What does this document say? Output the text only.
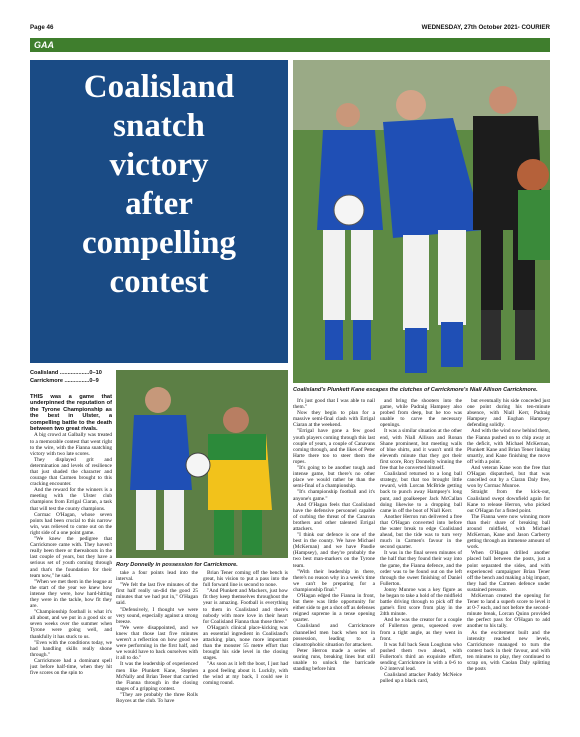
Page 46	WEDNESDAY, 27th October 2021- COURIER
GAA
Coalisland
snatch
victory
after
compelling
contest
Coalisland's Plunkett Kane escapes the clutches of Carrickmore's Niall Allison Carrickmore.
Rory Donnelly in possession for Carrickmore.
Coalisland ...................0–10
Carrickmore ................0–9

THIS was a game that underpinned the reputation of the Tyrone Championship as the best in Ulster, a compelling battle to the death between two great rivals.

A big crowd at Galbally was treated to a memorable contest that went right to the wire, with the Fianna snatching victory with two late scores.

They displayed grit and determination and levels of resilience that just shaded the character and courage that Carmen brought to this cracking encounter.

And the reward for the winners is a meeting with the Ulster club champions from Errigal Ciaran, a task that will test the county champions.

Cormac O'Hagan, whose seven points had been crucial to this narrow win, was relieved to come out on the right side of a one point game.

"We knew the pedigree that Carrickmore came with. They haven't really been there or thereabouts in the last couple of years, but they have a serious set of youth coming through and that's the foundation for their team now," he said.

"When we met them in the league at the start of the year we knew how intense they were, how hard-hitting they were in the tackle, how fit they are.

"Championship football is what it's all about, and we put in a good six or seven weeks over the summer when Tyrone were going well, and thankfully it has stuck to us.

"Even with the conditions today, we had handling skills really shone through."

Carrickmore had a dominant spell just before half-time, when they hit five scores on the spin to

take a four points lead into the interval.

"We felt the last five minutes of the first half really un-did the good 25 minutes that we had put in," O'Hagan said.

"Defensively, I thought we were very sound, especially against a strong breeze.

"We were disappointed, and we knew that those last five minutes weren't a reflection on how good we were performing in the first half, and we would have to back ourselves with it all to do."

It was the leadership of experienced men like Plunkett Kane, Stephen McNally and Brian Tener that carried the Fianna through in the closing stages of a gripping contest.

"They are probably the three Rolls Royces at the club. To have

Brian Tener coming off the bench is great, his vision to put a pass into the full forward line is second to none.

"And Plunkett and Mackers, just how fit they keep themselves throughout the year is amazing. Football is everything to them in Coalisland and there's nobody with more love in their heart for Coalisland Fianna than those three."

O'Hagan's clinical place-kicking was an essential ingredient in Coalisland's attacking plan, none more important than the monster 55 metre effort that brought his side level in the closing stages.

"As soon as it left the boot, I just had a good feeling about it. Luckily, with the wind at my back, I could see it coming round.

It's just good that I was able to nail them."

Now they begin to plan for a massive semi-final clash with Errigal Ciaran at the weekend.

"Errigal have gone a few good youth players coming through this last couple of years, a couple of Canavans coming through, and the likes of Peter Harte there too to steer them the ropes.

"It's going to be another tough and intense game, but there's no other place we would rather be than the semi-final of a championship.

"It's championship football and it's anyone's game."

And O'Hagan feels that Coalisland have the defensive personnel capable of curbing the threat of the Canavan brothers and other talented Errigal attackers.

"I think our defence is one of the best in the county. We have Michael (McKernan) and we have Paudie (Hampsey), and they're probably the two best man-markers on the Tyrone team.

"With their leadership in there, there's no reason why in a week's time we can't be preparing for a championship final."

O'Hagan edged the Fianna in front, but there was little opportunity for either side to get a shot off as defenses reigned supreme in a tense opening quarter.

Coalisland and Carrickmore channelled men back when not in possession, leading to a claustrophobic situation for attackers.

Peter Herron made a series of searing runs, breaking lines but still unable to unlock the barricade standing before him

and bring the shooters into the game, while Padraig Hampsey also probed from deep, but he too was unable to carve the necessary openings.

It was a similar situation at the other end, with Niall Allison and Ronan Shane prominent, but meeting walls of blue shirts, and it wasn't until the eleventh minute that they got their first score, Rory Donnelly winning the free that he converted himself.

Coalisland returned to a long ball strategy, but that too brought little reward, with Lorcan McBride getting back to punch away Hampsey's long punt, and goalkeeper Jack McCallan doing likewise to a dropping ball came in off the boot of Niall Kerr.

Another Herron run delivered a free that O'Hagan converted into before the water break to edge Coalisland ahead, but the tide was to turn very much in Carmen's favour in the second quarter.

It was in the final seven minutes of the half that they found their way into the game, the Fianna defence, and the order was to be found out on the left through the sweet finishing of Daniel Fullerton.

Jonny Munroe was a key figure as he began to take a hold of the midfield battle driving through to pick off the game's first score from play in the 24th minute.

And he was the creator for a couple of Fullerton gems, squeezed over from a tight angle, as they went in front.

It was full back Sean Loughran who pushed them two ahead, with Fullerton's third an exquisite effort, sending Carrickmore in with a 0-6 to 0-2 interval lead.

Coalisland attacker Paddy McNeice pulled up a black card,

but eventually his side conceded just one point during his ten-minute absence, with Niall Kerr, Padraig Hampsey and Eoghan Hampsey defending solidly.

And with the wind now behind them, the Fianna pushed on to chip away at the deficit, with Michael McKernan, Plunkett Kane and Brian Tener linking smartly, and Kane finishing the move off with a point.

And veteran Kane won the free that O'Hagan dispatched, but that was cancelled out by a Ciaran Daly free, won by Cormac Munroe.

Straight from the kick-out, Coalisland swept downfield again for Kane to release Herron, who picked out O'Hagan for a fisted point.

The Fianna were now winning more than their share of breaking ball around midfield, with Michael McKernan, Kane and Jason Carberry getting through an immense amount of work.

When O'Hagan drilled another placed ball between the posts, just a point separated the sides, and with experienced campaigner Brian Tener off the bench and making a big impact, they had the Carmen defence under sustained pressure.

McKernan created the opening for Tener to land a superb score to level it at 0-7 each, and not before the second-minute break, Lorcan Quinn provided the perfect pass for O'Hagan to add another to his tally.

As the excitement built and the intensity reached new levels, Carrickmore managed to turn the contest back in their favour, and with ten minutes to play, they continued to scrap on, with Caolan Daly splitting the posts
